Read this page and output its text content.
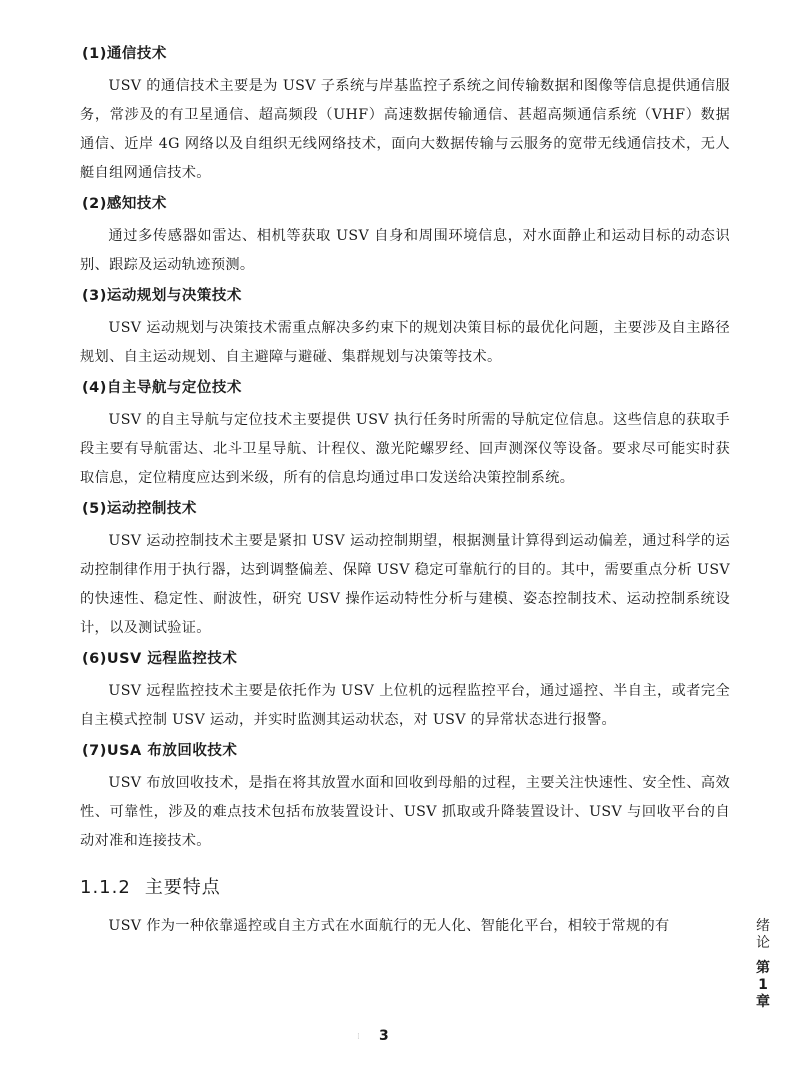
(1)通信技术

USV 的通信技术主要是为 USV 子系统与岸基监控子系统之间传输数据和图像等信息提供通信服务，常涉及的有卫星通信、超高频段（UHF）高速数据传输通信、甚超高频通信系统（VHF）数据通信、近岸 4G 网络以及自组织无线网络技术，面向大数据传输与云服务的宽带无线通信技术，无人艇自组网通信技术。

(2)感知技术

通过多传感器如雷达、相机等获取 USV 自身和周围环境信息，对水面静止和运动目标的动态识别、跟踪及运动轨迹预测。

(3)运动规划与决策技术

USV 运动规划与决策技术需重点解决多约束下的规划决策目标的最优化问题，主要涉及自主路径规划、自主运动规划、自主避障与避碰、集群规划与决策等技术。

(4)自主导航与定位技术

USV 的自主导航与定位技术主要提供 USV 执行任务时所需的导航定位信息。这些信息的获取手段主要有导航雷达、北斗卫星导航、计程仪、激光陀螺罗经、回声测深仪等设备。要求尽可能实时获取信息，定位精度应达到米级，所有的信息均通过串口发送给决策控制系统。

(5)运动控制技术

USV 运动控制技术主要是紧扣 USV 运动控制期望，根据测量计算得到运动偏差，通过科学的运动控制律作用于执行器，达到调整偏差、保障 USV 稳定可靠航行的目的。其中，需要重点分析 USV 的快速性、稳定性、耐波性，研究 USV 操作运动特性分析与建模、姿态控制技术、运动控制系统设计，以及测试验证。

(6)USV 远程监控技术

USV 远程监控技术主要是依托作为 USV 上位机的远程监控平台，通过遥控、半自主，或者完全自主模式控制 USV 运动，并实时监测其运动状态，对 USV 的异常状态进行报警。

(7)USA 布放回收技术

USV 布放回收技术，是指在将其放置水面和回收到母船的过程，主要关注快速性、安全性、高效性、可靠性，涉及的难点技术包括布放装置设计、USV 抓取或升降装置设计、USV 与回收平台的自动对准和连接技术。

1.1.2 主要特点

USV 作为一种依靠遥控或自主方式在水面航行的无人化、智能化平台，相较于常规的有	绪论
第1章
⁞	3
